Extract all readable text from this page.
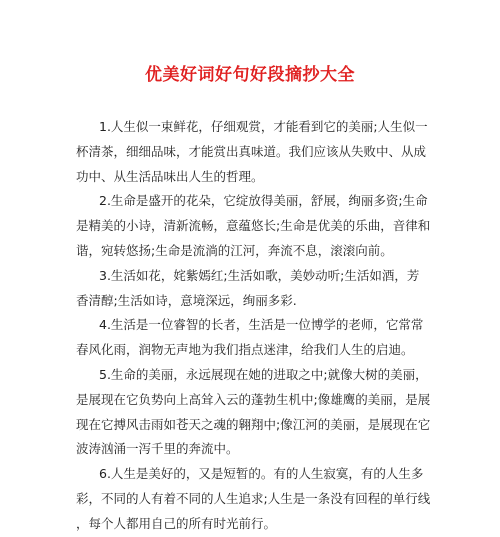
优美好词好句好段摘抄大全

1.人生似一束鲜花，仔细观赏，才能看到它的美丽;人生似一
杯清茶，细细品味，才能赏出真味道。我们应该从失败中、从成
功中、从生活品味出人生的哲理。

2.生命是盛开的花朵，它绽放得美丽，舒展，绚丽多资;生命
是精美的小诗，清新流畅，意蕴悠长;生命是优美的乐曲，音律和
谐，宛转悠扬;生命是流淌的江河，奔流不息，滚滚向前。

3.生活如花，姹紫嫣红;生活如歌，美妙动听;生活如酒，芳
香清醇;生活如诗，意境深远，绚丽多彩.

4.生活是一位睿智的长者，生活是一位博学的老师，它常常
春风化雨，润物无声地为我们指点迷津，给我们人生的启迪。

5.生命的美丽，永远展现在她的进取之中;就像大树的美丽，
是展现在它负势向上高耸入云的蓬勃生机中;像雄鹰的美丽，是展
现在它搏风击雨如苍天之魂的翱翔中;像江河的美丽，是展现在它
波涛汹涌一泻千里的奔流中。

6.人生是美好的，又是短暂的。有的人生寂寞，有的人生多
彩，不同的人有着不同的人生追求;人生是一条没有回程的单行线
，每个人都用自己的所有时光前行。
